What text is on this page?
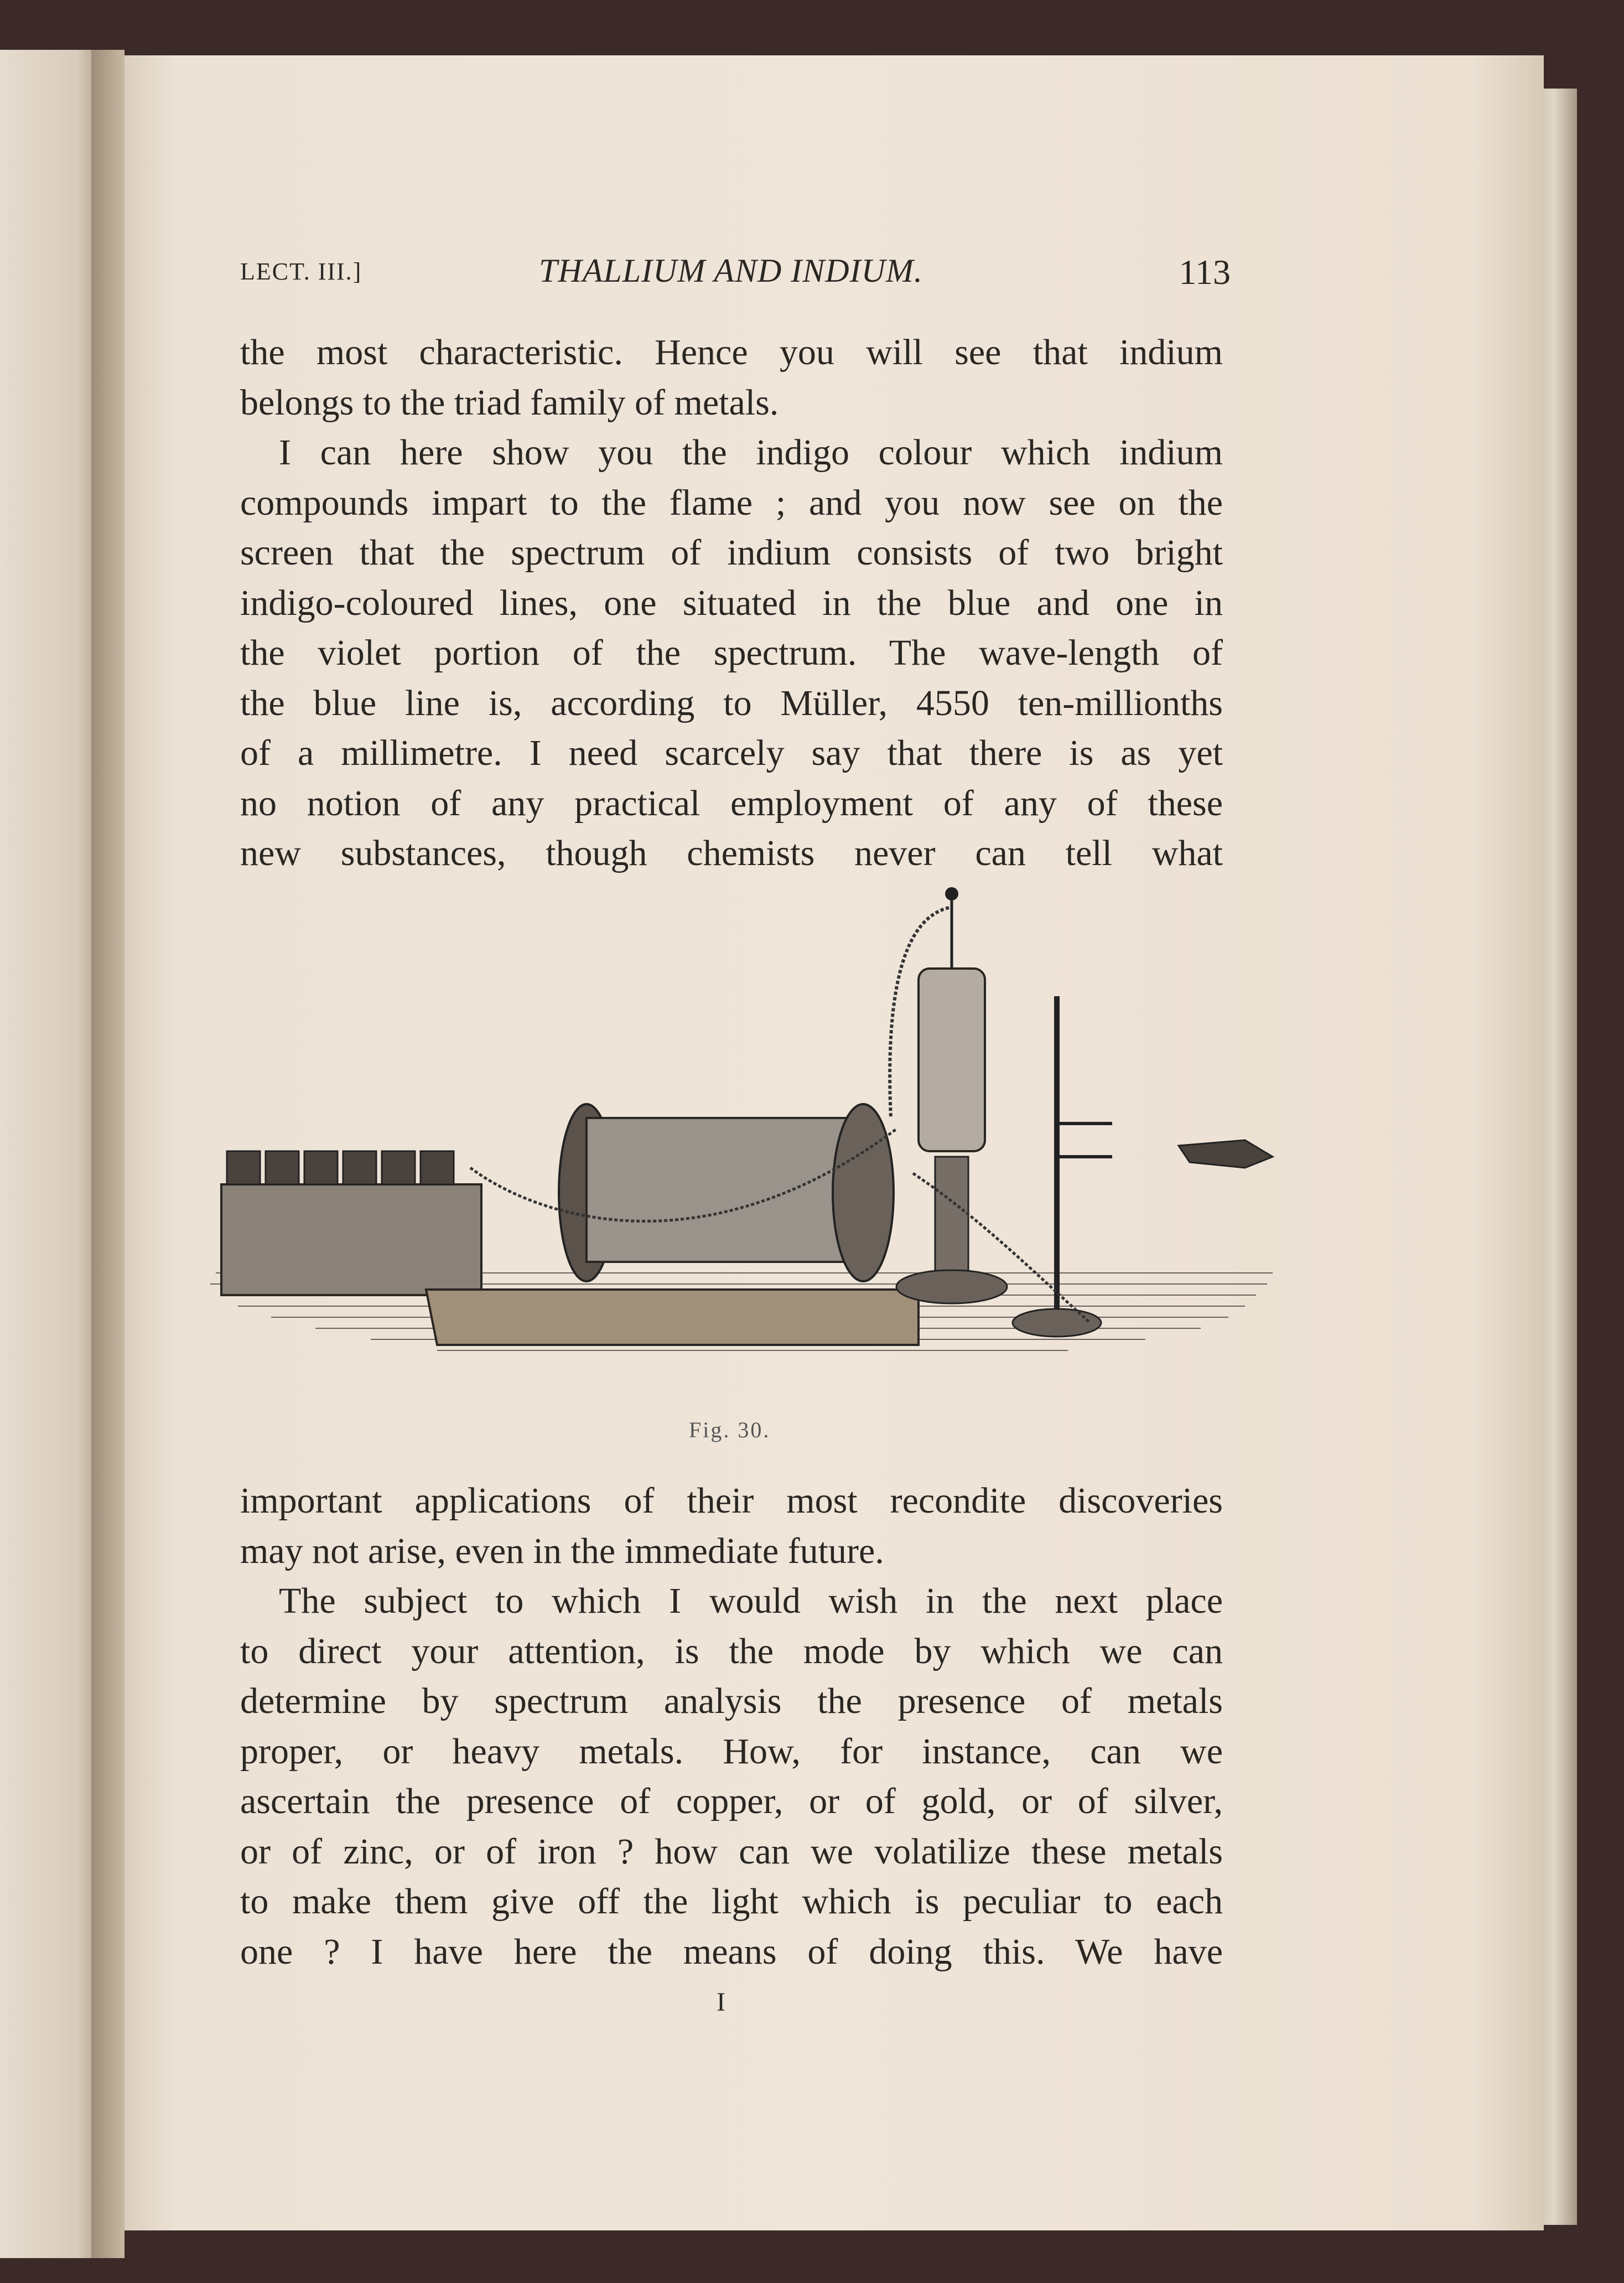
LECT. III.]	THALLIUM AND INDIUM.	113
the most characteristic. Hence you will see that indium
belongs to the triad family of metals.
I can here show you the indigo colour which indium
compounds impart to the flame ; and you now see on the
screen that the spectrum of indium consists of two bright
indigo-coloured lines, one situated in the blue and one in
the violet portion of the spectrum. The wave-length of
the blue line is, according to Müller, 4550 ten-millionths
of a millimetre. I need scarcely say that there is as yet
no notion of any practical employment of any of these
new substances, though chemists never can tell what
Fig. 30.
important applications of their most recondite discoveries
may not arise, even in the immediate future.
The subject to which I would wish in the next place
to direct your attention, is the mode by which we can
determine by spectrum analysis the presence of metals
proper, or heavy metals. How, for instance, can we
ascertain the presence of copper, or of gold, or of silver,
or of zinc, or of iron ? how can we volatilize these metals
to make them give off the light which is peculiar to each
one ? I have here the means of doing this. We have
I
